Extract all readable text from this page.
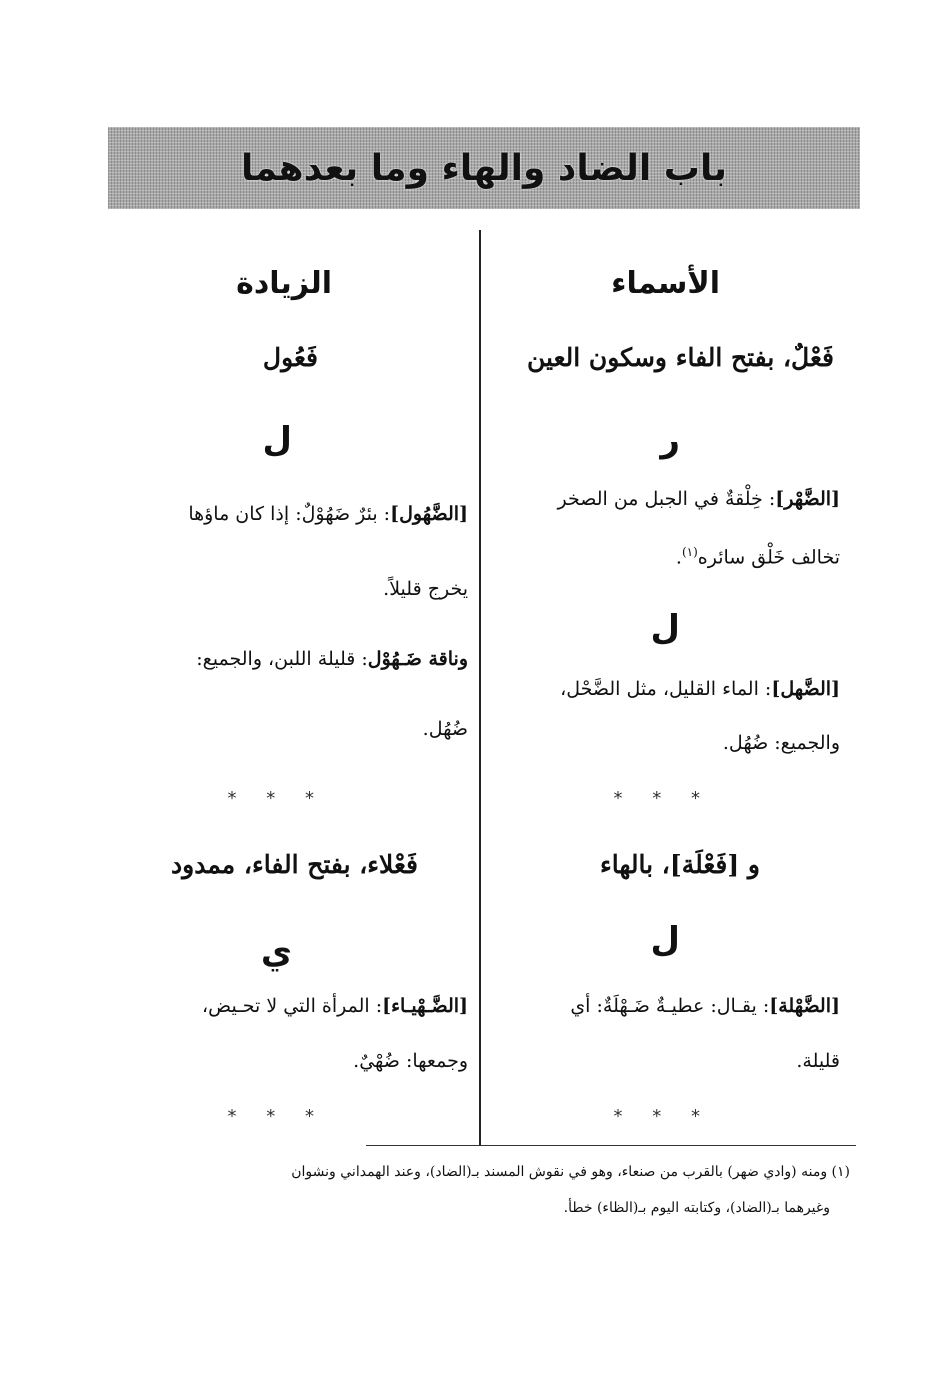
باب الضاد والهاء وما بعدهما
الأسماء
فَعْلٌ، بفتح الفاء وسكون العين
ر
[الضَّهْر]: خِلْقةٌ في الجبل من الصخر
تخالف خَلْق سائره$^{(١)}$.
ل
[الضَّهل]: الماء القليل، مثل الضَّحْل،
والجميع: ضُهُل.
* * *
و [فَعْلَة]، بالهاء
ل
[الضَّهْلة]: يقـال: عطيـةٌ ضَـهْلَةٌ: أي
قليلة.
* * *
الزيادة
فَعُول
ل
[الضَّهُول]: بئرٌ ضَهُوْلٌ: إذا كان ماؤها
يخرج قليلاً.
وناقة ضَـهُوْل: قليلة اللبن، والجميع:
ضُهُل.
* * *
فَعْلاء، بفتح الفاء، ممدود
ي
[الضَّـهْيـاء]: المرأة التي لا تحـيض،
وجمعها: ضُهْيٌ.
* * *
(١) ومنه (وادي ضهر) بالقرب من صنعاء، وهو في نقوش المسند بـ(الضاد)، وعند الهمداني ونشوان
وغيرهما بـ(الضاد)، وكتابته اليوم بـ(الظاء) خطأ.
